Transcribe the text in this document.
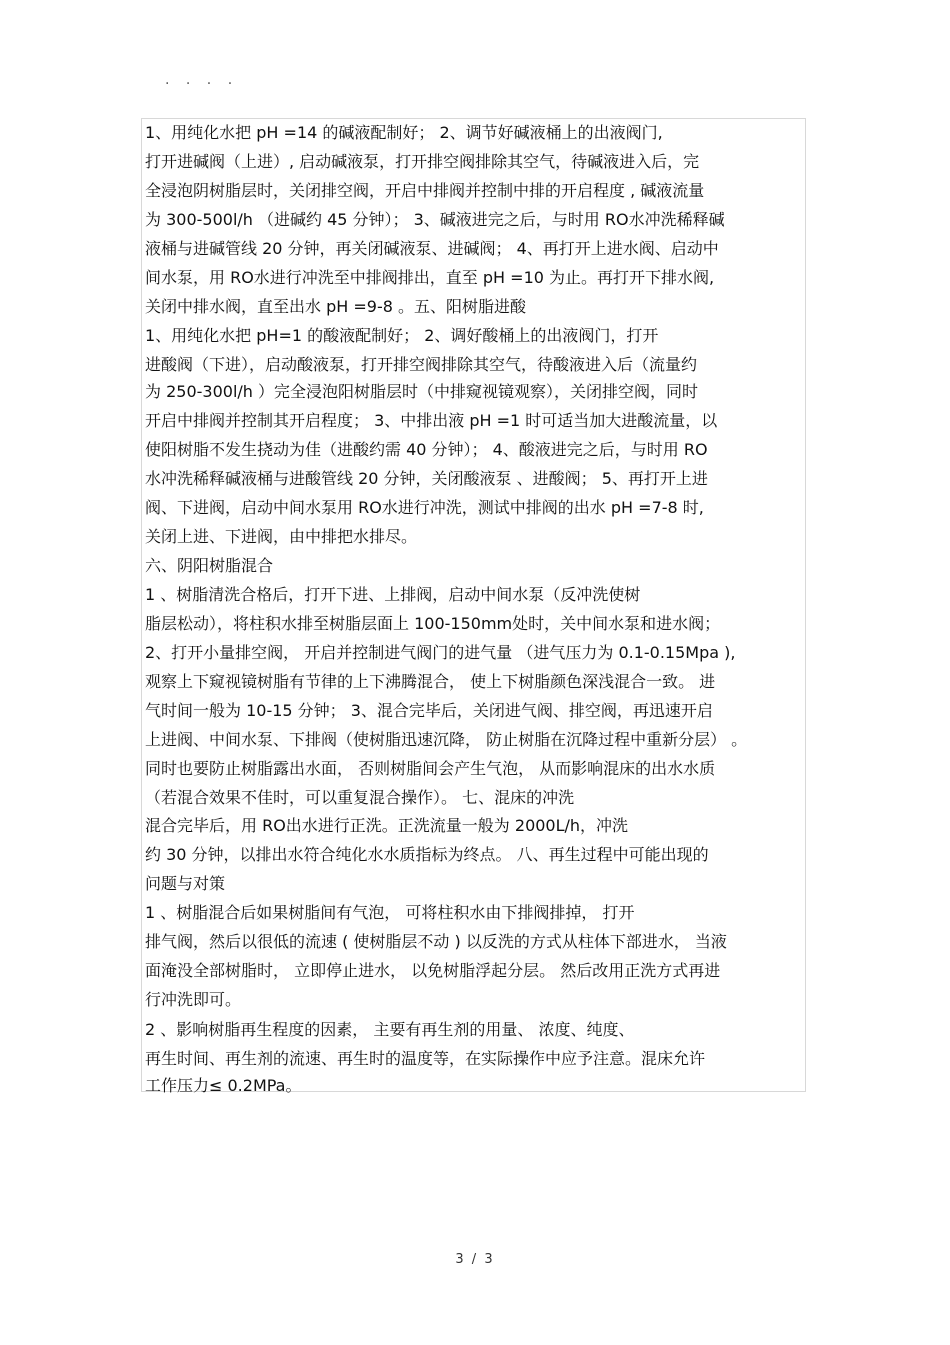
. . . .
1、用纯化水把 pH =14 的碱液配制好； 2、调节好碱液桶上的出液阀门,
打开进碱阀（上进）, 启动碱液泵，打开排空阀排除其空气，待碱液进入后，完
全浸泡阴树脂层时，关闭排空阀，开启中排阀并控制中排的开启程度 , 碱液流量
为 300-500l/h （进碱约 45 分钟）； 3、碱液进完之后，与时用 RO水冲洗稀释碱
液桶与进碱管线 20 分钟，再关闭碱液泵、进碱阀； 4、再打开上进水阀、启动中
间水泵，用 RO水进行冲洗至中排阀排出，直至 pH =10 为止。再打开下排水阀,
关闭中排水阀，直至出水 pH =9-8 。五、阳树脂进酸
1、用纯化水把 pH=1 的酸液配制好； 2、调好酸桶上的出液阀门，打开
进酸阀（下进），启动酸液泵，打开排空阀排除其空气，待酸液进入后（流量约
为 250-300l/h ）完全浸泡阳树脂层时（中排窥视镜观察），关闭排空阀，同时
开启中排阀并控制其开启程度； 3、中排出液 pH =1 时可适当加大进酸流量，以
使阳树脂不发生挠动为佳（进酸约需 40 分钟）； 4、酸液进完之后，与时用 RO
水冲洗稀释碱液桶与进酸管线 20 分钟，关闭酸液泵 、进酸阀； 5、再打开上进
阀、下进阀，启动中间水泵用 RO水进行冲洗，测试中排阀的出水 pH =7-8 时,
关闭上进、下进阀，由中排把水排尽。
六、阴阳树脂混合
1 、树脂清洗合格后，打开下进、上排阀，启动中间水泵（反冲洗使树
脂层松动），将柱积水排至树脂层面上 100-150mm处时，关中间水泵和进水阀；
2、打开小量排空阀， 开启并控制进气阀门的进气量 （进气压力为 0.1-0.15Mpa ),
观察上下窥视镜树脂有节律的上下沸腾混合， 使上下树脂颜色深浅混合一致。 进
气时间一般为 10-15 分钟； 3、混合完毕后，关闭进气阀、排空阀，再迅速开启
上进阀、中间水泵、下排阀（使树脂迅速沉降， 防止树脂在沉降过程中重新分层） 。
同时也要防止树脂露出水面， 否则树脂间会产生气泡， 从而影响混床的出水水质
（若混合效果不佳时，可以重复混合操作）。 七、混床的冲洗
混合完毕后，用 RO出水进行正洗。正洗流量一般为 2000L/h，冲洗
约 30 分钟，以排出水符合纯化水水质指标为终点。 八、再生过程中可能出现的
问题与对策
1 、树脂混合后如果树脂间有气泡， 可将柱积水由下排阀排掉， 打开
排气阀，然后以很低的流速 ( 使树脂层不动 ) 以反洗的方式从柱体下部进水， 当液
面淹没全部树脂时， 立即停止进水， 以免树脂浮起分层。 然后改用正洗方式再进
行冲洗即可。
2 、影响树脂再生程度的因素， 主要有再生剂的用量、 浓度、纯度、
再生时间、再生剂的流速、再生时的温度等，在实际操作中应予注意。混床允许
工作压力≤ 0.2MPa。
3 / 3
